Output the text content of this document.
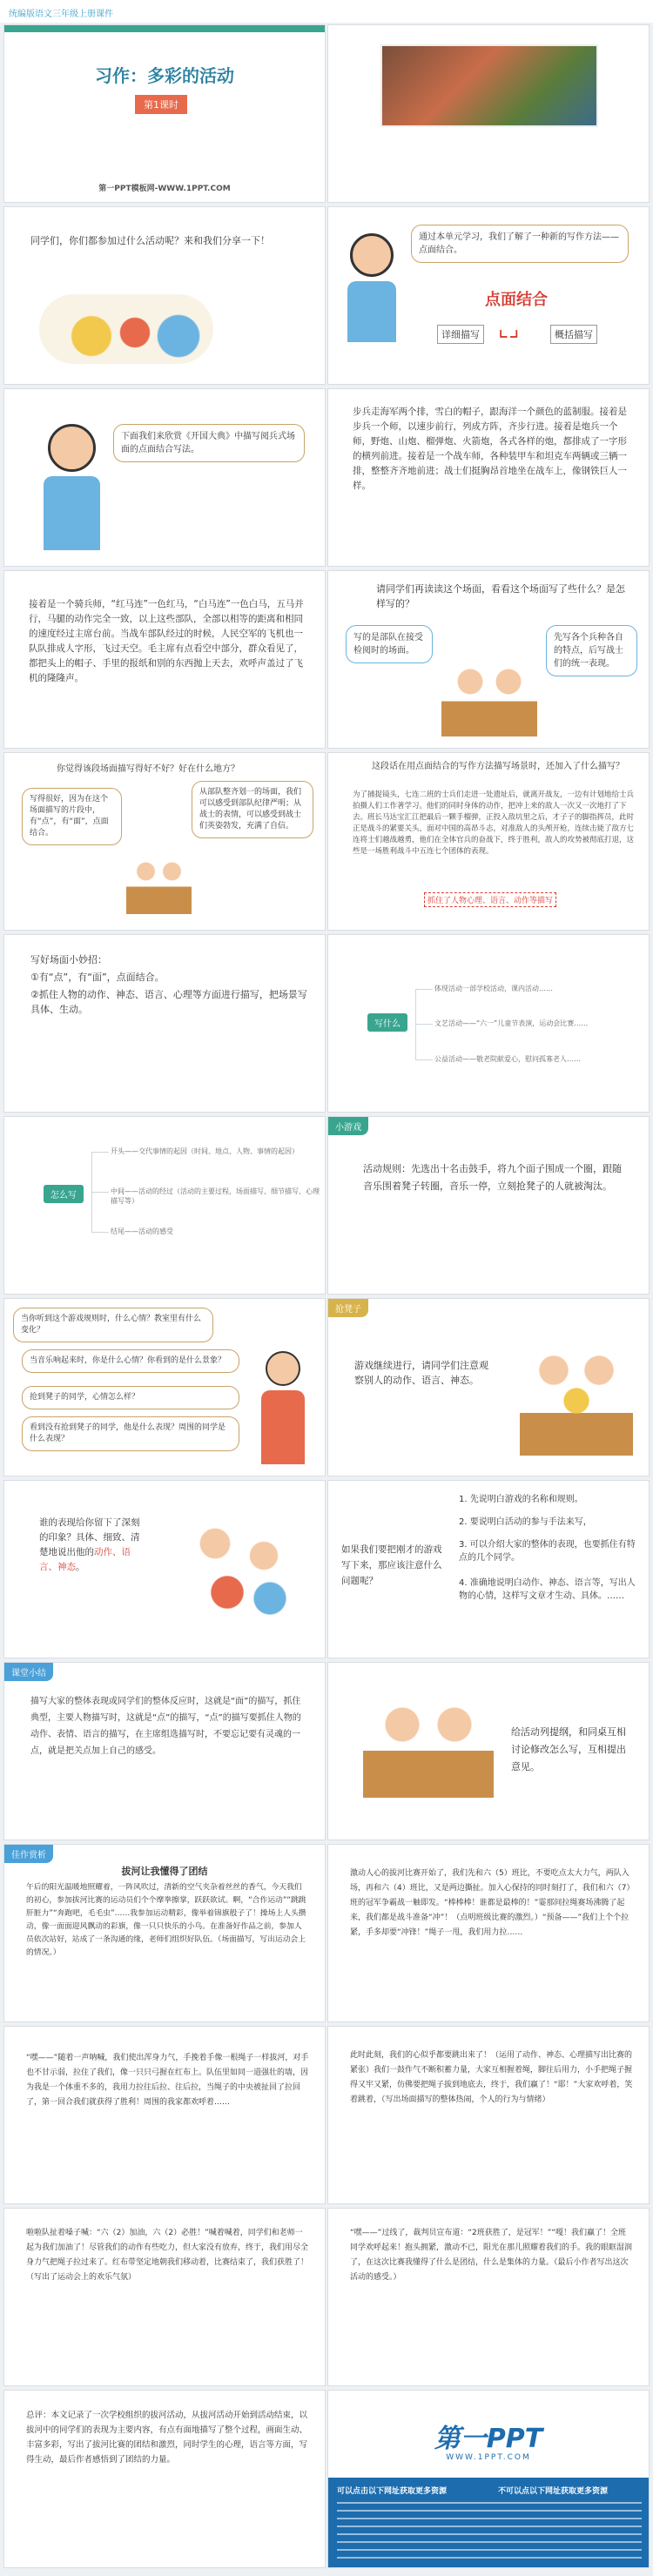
统编版语文三年级上册课件
习作：多彩的活动
第1课时
第一PPT模板网-WWW.1PPT.COM
同学们，你们都参加过什么活动呢？来和我们分享一下！	通过本单元学习，我们了解了一种新的写作方法——点面结合。
点面结合
详细描写 ⌞⌟	概括描写
下面我们来欣赏《开国大典》中描写阅兵式场面的点面结合写法。
步兵走海军两个排，雪白的帽子，跟海洋一个颜色的蓝制服。接着是步兵一个师，以速步前行，列成方阵，齐步行进。接着是炮兵一个师，野炮、山炮、榴弹炮、火箭炮，各式各样的炮，都排成了一字形的横列前进。接着是一个战车师，各种装甲车和坦克车两辆或三辆一排，整整齐齐地前进；战士们挺胸昂首地坐在战车上，像钢铁巨人一样。
接着是一个骑兵师，“红马连”一色红马，“白马连”一色白马，五马并行，马腿的动作完全一致，以上这些部队，全部以相等的距离和相同的速度经过主席台前。当战车部队经过的时候，人民空军的飞机也一队队排成人字形，飞过天空。毛主席有点看空中部分，群众看见了，都把头上的帽子、手里的报纸和别的东西抛上天去，欢呼声盖过了飞机的隆隆声。
请同学们再读读这个场面，看看这个场面写了些什么？是怎样写的？
写的是部队在接受检阅时的场面。
先写各个兵种各自的特点，后写战士们的统一表现。
你觉得该段场面描写得好不好？好在什么地方？
写得很好，因为在这个场面描写的片段中，有“点”，有“面”，点面结合。
从部队整齐划一的场面，我们可以感受到部队纪律严明；从战士的表情，可以感受到战士们英姿勃发，充满了自信。
这段话在用点面结合的写作方法描写场景时，还加入了什么描写？
为了捕捉镜头，七连二班的士兵们走进一处遗址后，就离开战友，一边有计划地给士兵拍摄人们工作著学习。他们的同时身体的动作，把冲上来的敌人一次又一次地打了下去。班长马达宝汇江把最后一颗手榴弹，正投入敌坑里之后，才子子的脚指挥员，此时正是战斗的紧要关头，面对中国的高昂斗志，对准敌人的头颅开枪，连续击毙了敌方七连将士们越战越勇，他们在全体官兵的奋战下，终于胜利，敌人的攻势被彻底打退，这些是一场胜利战斗中五连七个团体的表现。
抓住了人物心理、语言、动作等描写
写好场面小妙招：
①有“点”，有“面”，点面结合。
②抓住人物的动作、神态、语言、心理等方面进行描写，把场景写具体、生动。
写什么
体现活动一部学校活动，课内活动……
文艺活动——“六一”儿童节表演，运动会比赛……
公益活动——敬老院献爱心，慰问孤寡老人……
怎么写
开头——交代事情的起因（时间、地点、人物、事情的起因）
中间——活动的经过（活动的主要过程，场面描写、细节描写、心理描写等）
结尾——活动的感受
小游戏
活动规则：先选出十名击鼓手，将九个面子围成一个圈，跟随音乐围着凳子转圈，音乐一停，立刻抢凳子的人就被淘汰。
当你听到这个游戏规则时，什么心情？教室里有什么变化？
当音乐响起来时，你是什么心情？你看到的是什么景象？
抢到凳子的同学，心情怎么样？
看到没有抢到凳子的同学，他是什么表现？周围的同学是什么表现？
抢凳子
游戏继续进行，请同学们注意观察别人的动作、语言、神态。
谁的表现给你留下了深刻的印象？具体、细致、清楚地说出他的动作、语言、神态。
如果我们要把刚才的游戏写下来，那应该注意什么问题呢？
1. 先说明白游戏的名称和规则。
2. 要说明白活动的参与手法来写，
3. 可以介绍大家的整体的表现，也要抓住有特点的几个同学。
4. 准确地说明白动作、神态、语言等，写出人物的心情，这样写文章才生动、具体。……
课堂小结
描写大家的整体表现或同学们的整体反应时，这就是“面”的描写，抓住典型，主要人物描写时，这就是“点”的描写，“点”的描写要抓住人物的动作、表情、语言的描写，在主席组选描写时，不要忘记要有灵魂的一点，就是把关点加上自己的感受。
给活动列提纲，和同桌互相讨论修改怎么写，互相提出意见。
佳作赏析
拔河让我懂得了团结
午后的阳光温暖地照耀着，一阵风吹过，清新的空气夹杂着丝丝的香气，今天我们的初心，参加拔河比赛的运动员们个个摩拳擦掌，跃跃欲试。啊，“合作运动”“跳跳肝脏力”“奔跑吧，毛毛虫”……我参加运动精彩，像举着锦旗般子了！操场上人头攒动，像一面面迎风飘动的彩旗，像一只只快乐的小鸟。在准备好作品之前，参加人员依次站好，站成了一条沟通的缘，老师们组织好队伍。（场面描写，写出运动会上的情况。）
激动人心的拔河比赛开始了，我们先和六（5）班比，不要吃点太大力气，两队入场，再和六（4）班比，又是两边撕扯。加入心保持的同时刻打了，我们和六（7）班的冠军争霸战一触即发。“棒棒棒！谁都是最棒的！”霎那间拉绳赛场沸腾了起来，我们都是战斗准备“冲”！（点明班级比赛的激烈。）“预备——”我们上个个拉紧，手多却要“冲锋！”绳子一甩，我们用力拉……
“嘿——”随着一声呐喊，我们使出浑身力气，手挽着手像一根绳子一样拔河，对手也不甘示弱，拉住了我们，像一只只弓握在红布上。队伍里如同一道强壮的墙，因为我是一个体重不多的，我用力拉往后拉、往后拉，当绳子的中央被扯回了拉回了，第一回合我们就获得了胜利！周围的我家都欢呼着……
此时此刻，我们的心似乎都要跳出来了！（运用了动作、神态、心理描写出比赛的紧张）我们一鼓作气不断积蓄力量，大家互相握着绳，脚往后用力，小手把绳子握得又牢又紧，仿佛要把绳子拔到地底去，终于，我们赢了！“耶！”大家欢呼着，笑着跳着，（写出场面描写的整体热闹，个人的行为与情绪）
啦啦队扯着嗓子喊：“六（2）加油，六（2）必胜！”喊着喊着，同学们和老师一起为我们加油了！尽管我们的动作有些吃力，但大家没有放弃，终于，我们用尽全身力气把绳子拉过来了。红布带坚定地朝我们移动着，比赛结束了，我们获胜了！（写出了运动会上的欢乐气氛）
“嘿——”过线了，裁判员宣布道：“2班获胜了，是冠军！”“嘎！我们赢了！全班同学欢呼起来！抱头拥紧，激动不已，阳光在那儿照耀着我们的手。我的眼眶湿润了，在这次比赛我懂得了什么是团结，什么是集体的力量。（最后小作者写出这次活动的感受。）
总评：本文记录了一次学校组织的拔河活动，从拔河活动开始到活动结束，以拔河中的同学们的表现为主要内容，有点有面地描写了整个过程，画面生动、丰富多彩，写出了拔河比赛的团结和激烈，同时学生的心理，语言等方面，写得生动，最后作者感悟到了团结的力量。
第一PPT
WWW.1PPT.COM
可以点击以下网址获取更多资源	不可以点以下网址获取更多资源
